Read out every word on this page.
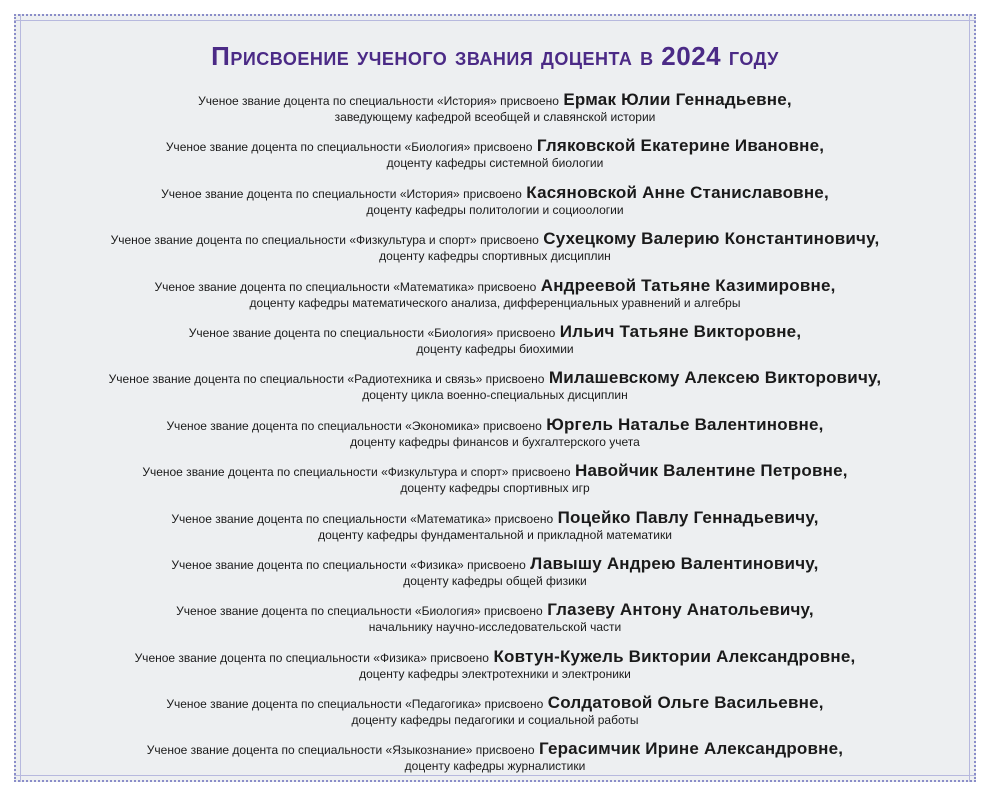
Присвоение ученого звания доцента в 2024 году
Ученое звание доцента по специальности «История» присвоено Ермак Юлии Геннадьевне,
заведующему кафедрой всеобщей и славянской истории
Ученое звание доцента по специальности «Биология» присвоено Гляковской Екатерине Ивановне,
доценту кафедры системной биологии
Ученое звание доцента по специальности «История» присвоено Касяновской Анне Станиславовне,
доценту кафедры политологии и социоологии
Ученое звание доцента по специальности «Физкультура и спорт» присвоено Сухецкому Валерию Константиновичу,
доценту кафедры спортивных дисциплин
Ученое звание доцента по специальности «Математика» присвоено Андреевой Татьяне Казимировне,
доценту кафедры математического анализа, дифференциальных уравнений и алгебры
Ученое звание доцента по специальности «Биология» присвоено Ильич Татьяне Викторовне,
доценту кафедры биохимии
Ученое звание доцента по специальности «Радиотехника и связь» присвоено Милашевскому Алексею Викторовичу,
доценту цикла военно-специальных дисциплин
Ученое звание доцента по специальности «Экономика» присвоено Юргель Наталье Валентиновне,
доценту кафедры финансов и бухгалтерского учета
Ученое звание доцента по специальности «Физкультура и спорт» присвоено Навойчик Валентине Петровне,
доценту кафедры спортивных игр
Ученое звание доцента по специальности «Математика» присвоено Поцейко Павлу Геннадьевичу,
доценту кафедры фундаментальной и прикладной математики
Ученое звание доцента по специальности «Физика» присвоено Лавышу Андрею Валентиновичу,
доценту кафедры общей физики
Ученое звание доцента по специальности «Биология» присвоено Глазеву Антону Анатольевичу,
начальнику научно-исследовательской части
Ученое звание доцента по специальности «Физика» присвоено Ковтун-Кужель Виктории Александровне,
доценту кафедры электротехники и электроники
Ученое звание доцента по специальности «Педагогика» присвоено Солдатовой Ольге Васильевне,
доценту кафедры педагогики и социальной работы
Ученое звание доцента по специальности «Языкознание» присвоено Герасимчик Ирине Александровне,
доценту кафедры журналистики
